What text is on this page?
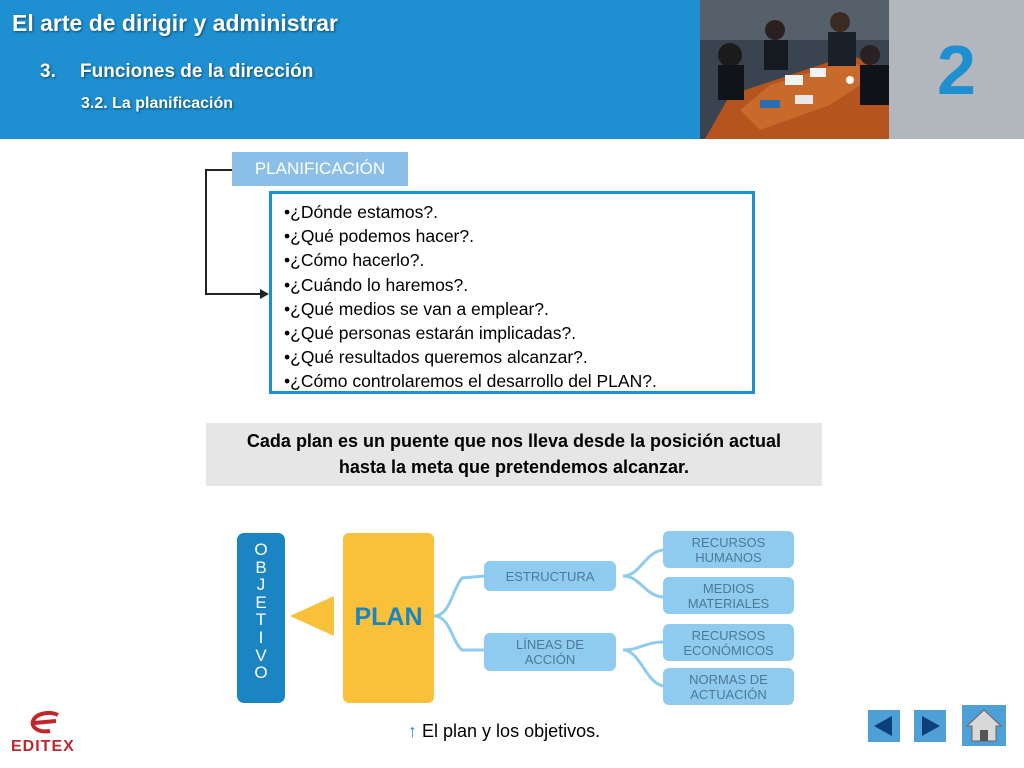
El arte de dirigir y administrar
3. Funciones de la dirección
3.2. La planificación	2
PLANIFICACIÓN
•¿Dónde estamos?.
•¿Qué podemos hacer?.
•¿Cómo hacerlo?.
•¿Cuándo lo haremos?.
•¿Qué medios se van a emplear?.
•¿Qué personas estarán implicadas?.
•¿Qué resultados queremos alcanzar?.
•¿Cómo controlaremos el desarrollo del PLAN?.
Cada plan es un puente que nos lleva desde la posición actual
hasta la meta que pretendemos alcanzar.
O
B
J
E
T
I
V
O
PLAN
ESTRUCTURA
LÍNEAS DE
ACCIÓN
RECURSOS
HUMANOS
MEDIOS
MATERIALES
RECURSOS
ECONÓMICOS
NORMAS DE
ACTUACIÓN
↑ El plan y los objetivos.
EDITEX
